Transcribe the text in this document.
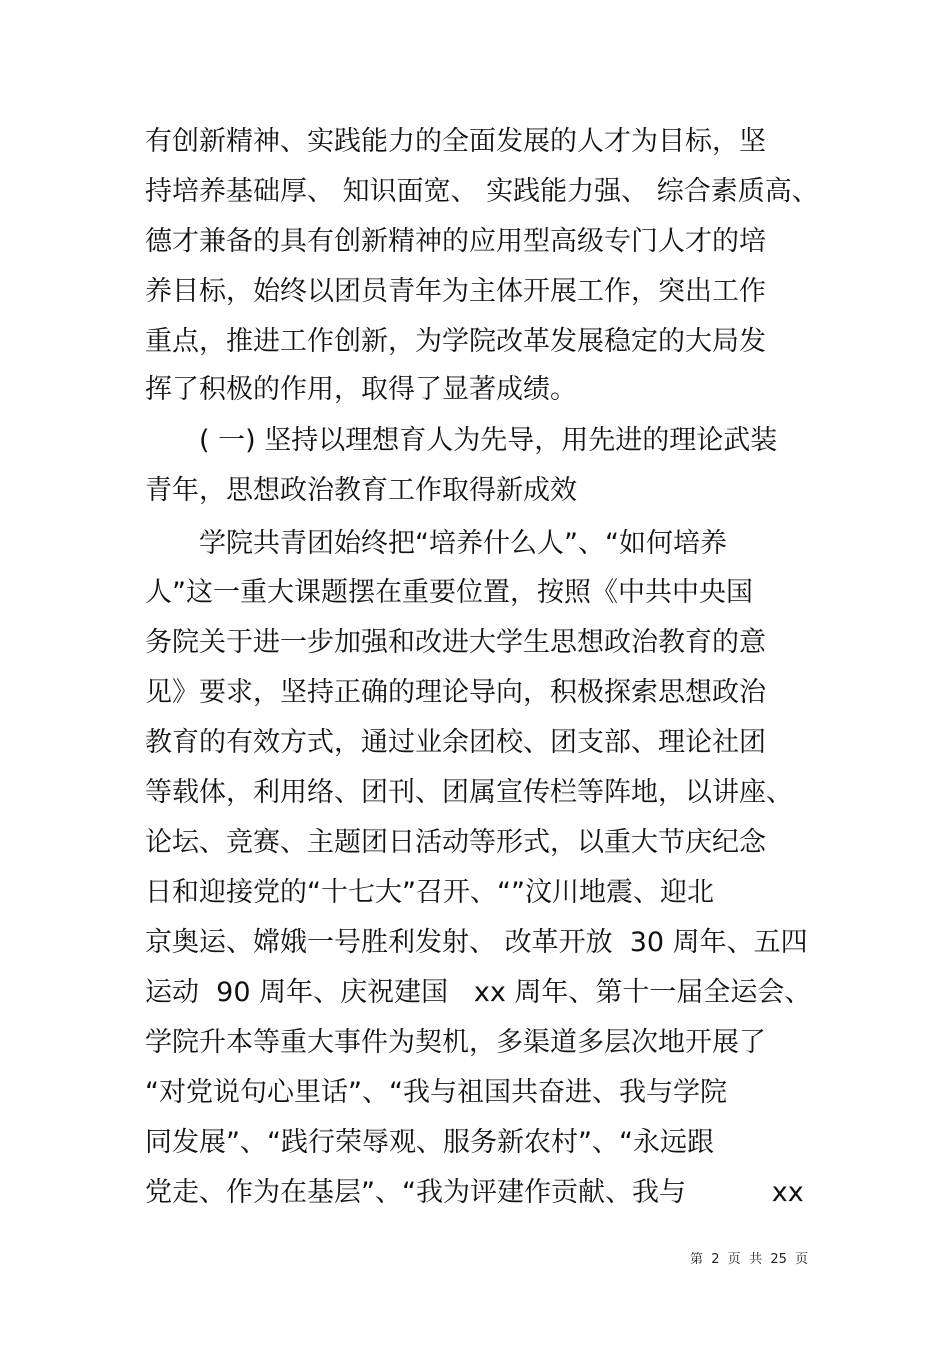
有创新精神、实践能力的全面发展的人才为目标，坚
持培养基础厚、 知识面宽、 实践能力强、 综合素质高、
德才兼备的具有创新精神的应用型高级专门人才的培
养目标，始终以团员青年为主体开展工作，突出工作
重点，推进工作创新，为学院改革发展稳定的大局发
挥了积极的作用，取得了显著成绩。
( 一) 坚持以理想育人为先导，用先进的理论武装
青年，思想政治教育工作取得新成效
学院共青团始终把“培养什么人”、“如何培养
人”这一重大课题摆在重要位置，按照《中共中央国
务院关于进一步加强和改进大学生思想政治教育的意
见》要求，坚持正确的理论导向，积极探索思想政治
教育的有效方式，通过业余团校、团支部、理论社团
等载体，利用络、团刊、团属宣传栏等阵地，以讲座、
论坛、竞赛、主题团日活动等形式，以重大节庆纪念
日和迎接党的“十七大”召开、“”汶川地震、迎北
京奥运、嫦娥一号胜利发射、 改革开放  30 周年、五四
运动  90 周年、庆祝建国   xx 周年、第十一届全运会、
学院升本等重大事件为契机，多渠道多层次地开展了
“对党说句心里话”、“我与祖国共奋进、我与学院
同发展”、“践行荣辱观、服务新农村”、“永远跟
党走、作为在基层”、“我为评建作贡献、我与          xx
第  2  页  共  25  页
